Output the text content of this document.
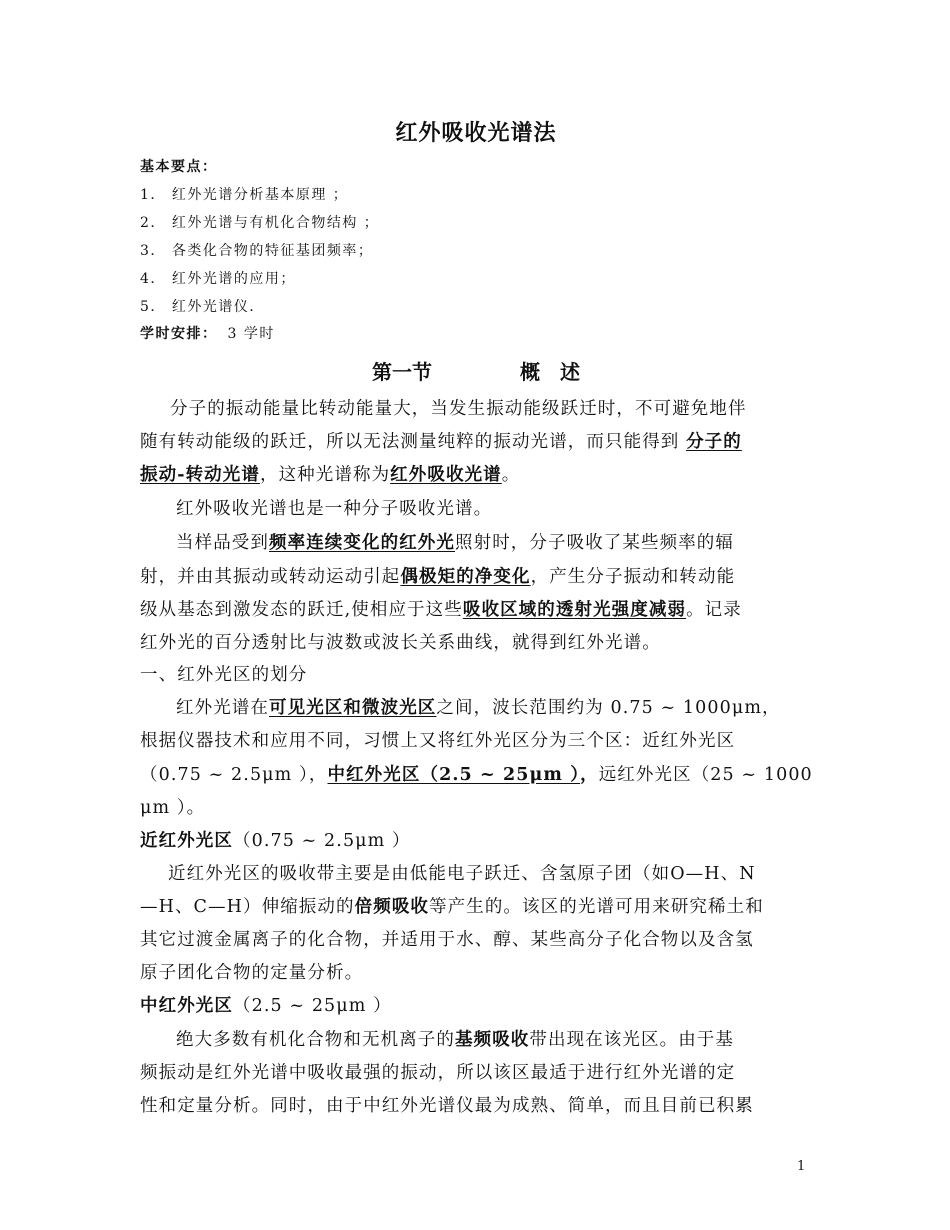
红外吸收光谱法
基本要点：
1． 红外光谱分析基本原理 ；
2． 红外光谱与有机化合物结构 ；
3． 各类化合物的特征基团频率；
4． 红外光谱的应用；
5． 红外光谱仪．
学时安排： 3 学时
第一节	概　述
分子的振动能量比转动能量大，当发生振动能级跃迁时，不可避免地伴
随有转动能级的跃迁，所以无法测量纯粹的振动光谱，而只能得到 分子的
振动-转动光谱，这种光谱称为红外吸收光谱。
红外吸收光谱也是一种分子吸收光谱。
当样品受到频率连续变化的红外光照射时，分子吸收了某些频率的辐
射，并由其振动或转动运动引起偶极矩的净变化，产生分子振动和转动能
级从基态到激发态的跃迁,使相应于这些吸收区域的透射光强度减弱。记录
红外光的百分透射比与波数或波长关系曲线，就得到红外光谱。
一、红外光区的划分
红外光谱在可见光区和微波光区之间，波长范围约为 0.75 ~ 1000μm，
根据仪器技术和应用不同，习惯上又将红外光区分为三个区：近红外光区
（0.75 ~ 2.5μm ），中红外光区（2.5 ~ 25μm ），远红外光区（25 ~ 1000
μm ）。
近红外光区（0.75 ~ 2.5μm ）
近红外光区的吸收带主要是由低能电子跃迁、含氢原子团（如O—H、N
—H、C—H）伸缩振动的倍频吸收等产生的。该区的光谱可用来研究稀土和
其它过渡金属离子的化合物，并适用于水、醇、某些高分子化合物以及含氢
原子团化合物的定量分析。
中红外光区（2.5 ~ 25μm ）
绝大多数有机化合物和无机离子的基频吸收带出现在该光区。由于基
频振动是红外光谱中吸收最强的振动，所以该区最适于进行红外光谱的定
性和定量分析。同时，由于中红外光谱仪最为成熟、简单，而且目前已积累
1
